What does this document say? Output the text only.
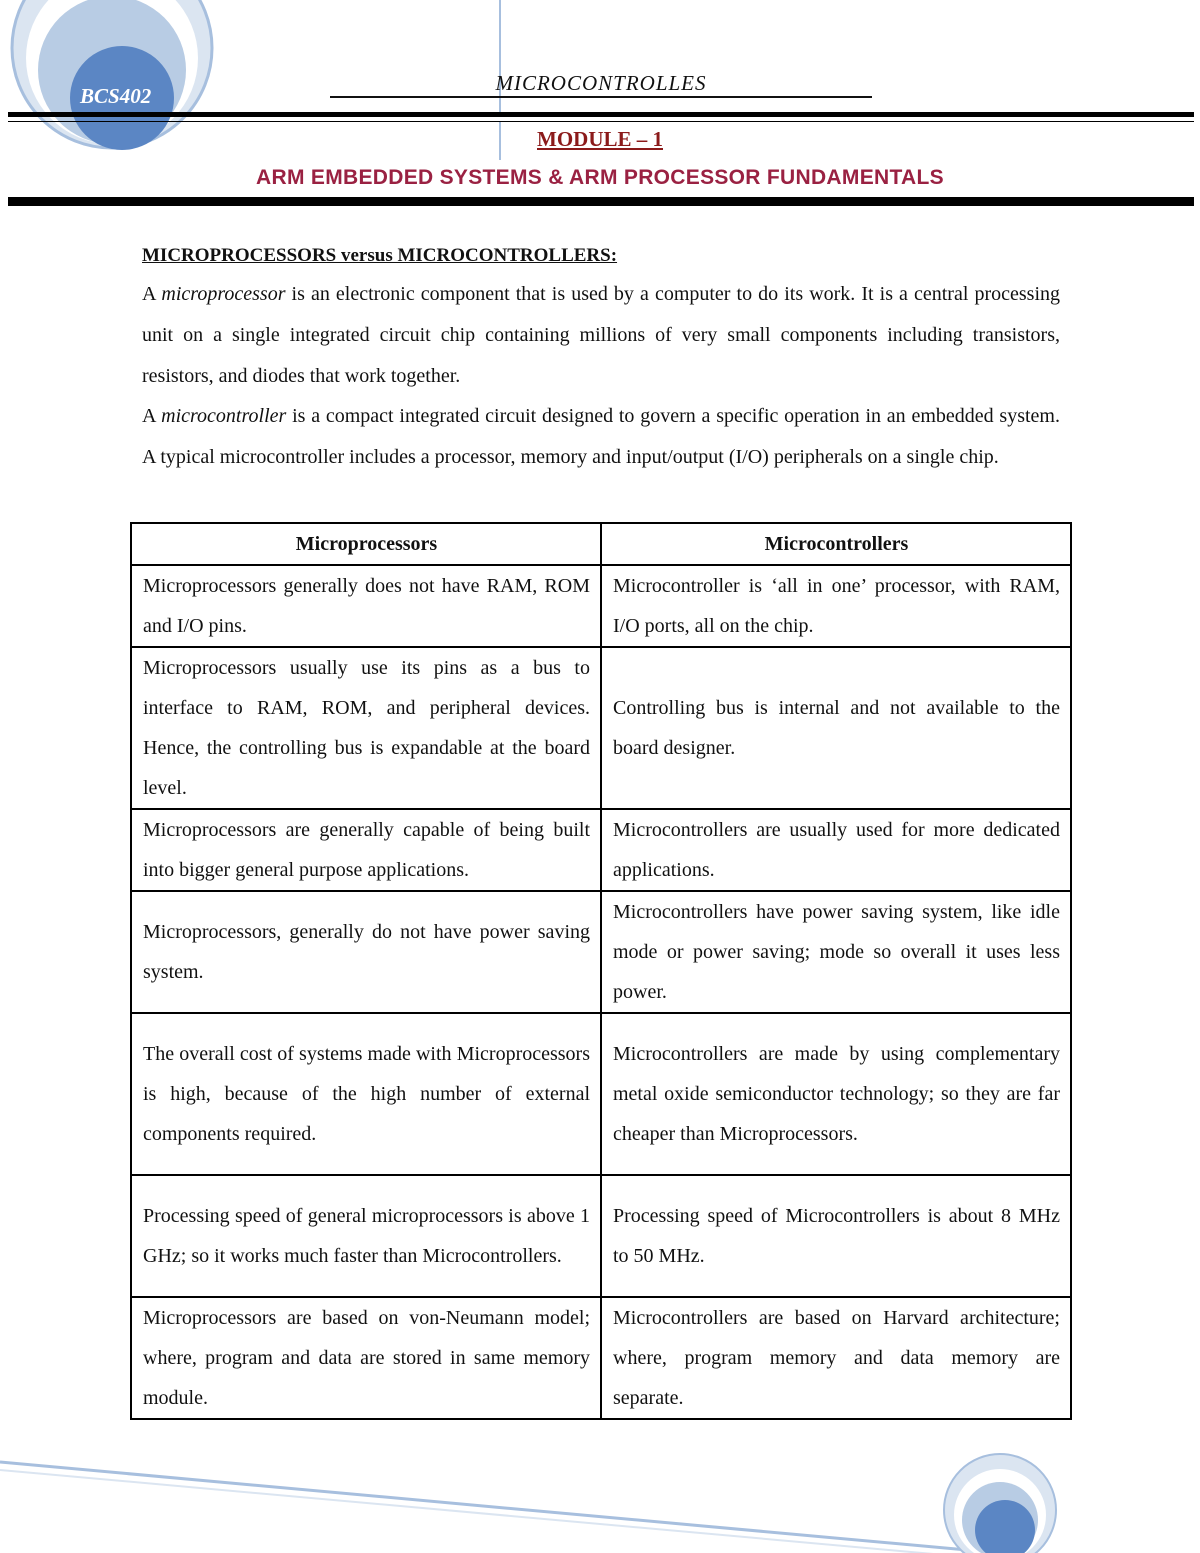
BCS402
MICROCONTROLLES
MODULE – 1
ARM EMBEDDED SYSTEMS & ARM PROCESSOR FUNDAMENTALS
MICROPROCESSORS versus MICROCONTROLLERS:
A microprocessor is an electronic component that is used by a computer to do its work. It is a central processing unit on a single integrated circuit chip containing millions of very small components including transistors, resistors, and diodes that work together.
A microcontroller is a compact integrated circuit designed to govern a specific operation in an embedded system. A typical microcontroller includes a processor, memory and input/output (I/O) peripherals on a single chip.
Microprocessors	Microcontrollers
Microprocessors generally does not have RAM, ROM and I/O pins.	Microcontroller is ‘all in one’ processor, with RAM, I/O ports, all on the chip.
Microprocessors usually use its pins as a bus to interface to RAM, ROM, and peripheral devices. Hence, the controlling bus is expandable at the board level.	Controlling bus is internal and not available to the board designer.
Microprocessors are generally capable of being built into bigger general purpose applications.	Microcontrollers are usually used for more dedicated applications.
Microprocessors, generally do not have power saving system.	Microcontrollers have power saving system, like idle mode or power saving; mode so overall it uses less power.
The overall cost of systems made with Microprocessors is high, because of the high number of external components required.	Microcontrollers are made by using complementary metal oxide semiconductor technology; so they are far cheaper than Microprocessors.
Processing speed of general microprocessors is above 1 GHz; so it works much faster than Microcontrollers.	Processing speed of Microcontrollers is about 8 MHz to 50 MHz.
Microprocessors are based on von-Neumann model; where, program and data are stored in same memory module.	Microcontrollers are based on Harvard architecture; where, program memory and data memory are separate.
